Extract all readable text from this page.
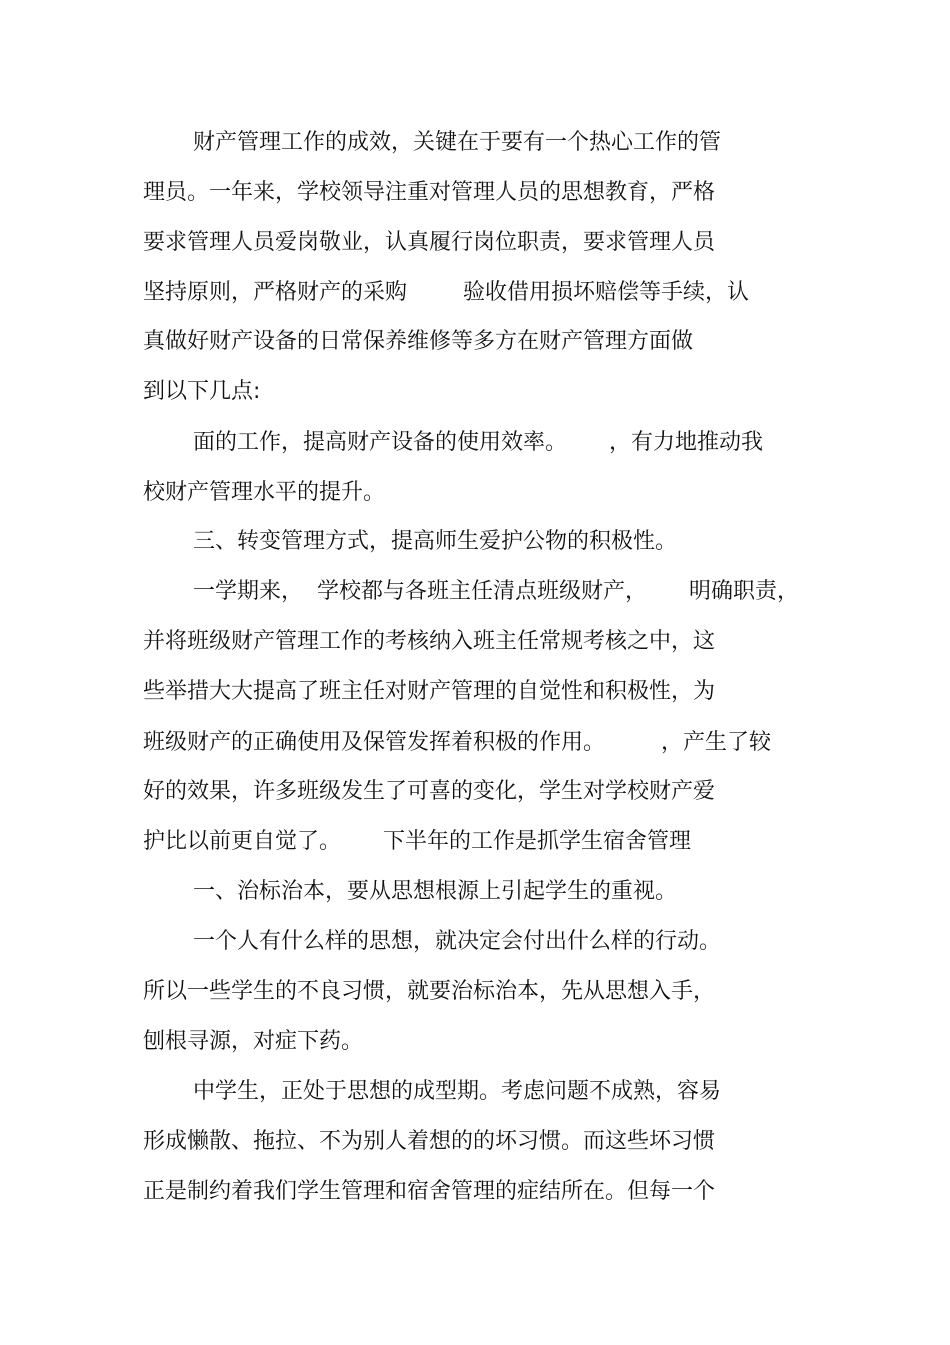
财产管理工作的成效，关键在于要有一个热心工作的管
理员。一年来，学校领导注重对管理人员的思想教育，严格
要求管理人员爱岗敬业，认真履行岗位职责，要求管理人员
坚持原则，严格财产的采购        验收借用损坏赔偿等手续，认
真做好财产设备的日常保养维修等多方在财产管理方面做
到以下几点:
面的工作，提高财产设备的使用效率。      ，有力地推动我
校财产管理水平的提升。
三、转变管理方式，提高师生爱护公物的积极性。
一学期来，  学校都与各班主任清点班级财产，      明确职责，
并将班级财产管理工作的考核纳入班主任常规考核之中，这
些举措大大提高了班主任对财产管理的自觉性和积极性，为
班级财产的正确使用及保管发挥着积极的作用。        ，产生了较
好的效果，许多班级发生了可喜的变化，学生对学校财产爱
护比以前更自觉了。      下半年的工作是抓学生宿舍管理
一、治标治本，要从思想根源上引起学生的重视。
一个人有什么样的思想，就决定会付出什么样的行动。
所以一些学生的不良习惯，就要治标治本，先从思想入手，
刨根寻源，对症下药。
中学生，正处于思想的成型期。考虑问题不成熟，容易
形成懒散、拖拉、不为别人着想的的坏习惯。而这些坏习惯
正是制约着我们学生管理和宿舍管理的症结所在。但每一个
